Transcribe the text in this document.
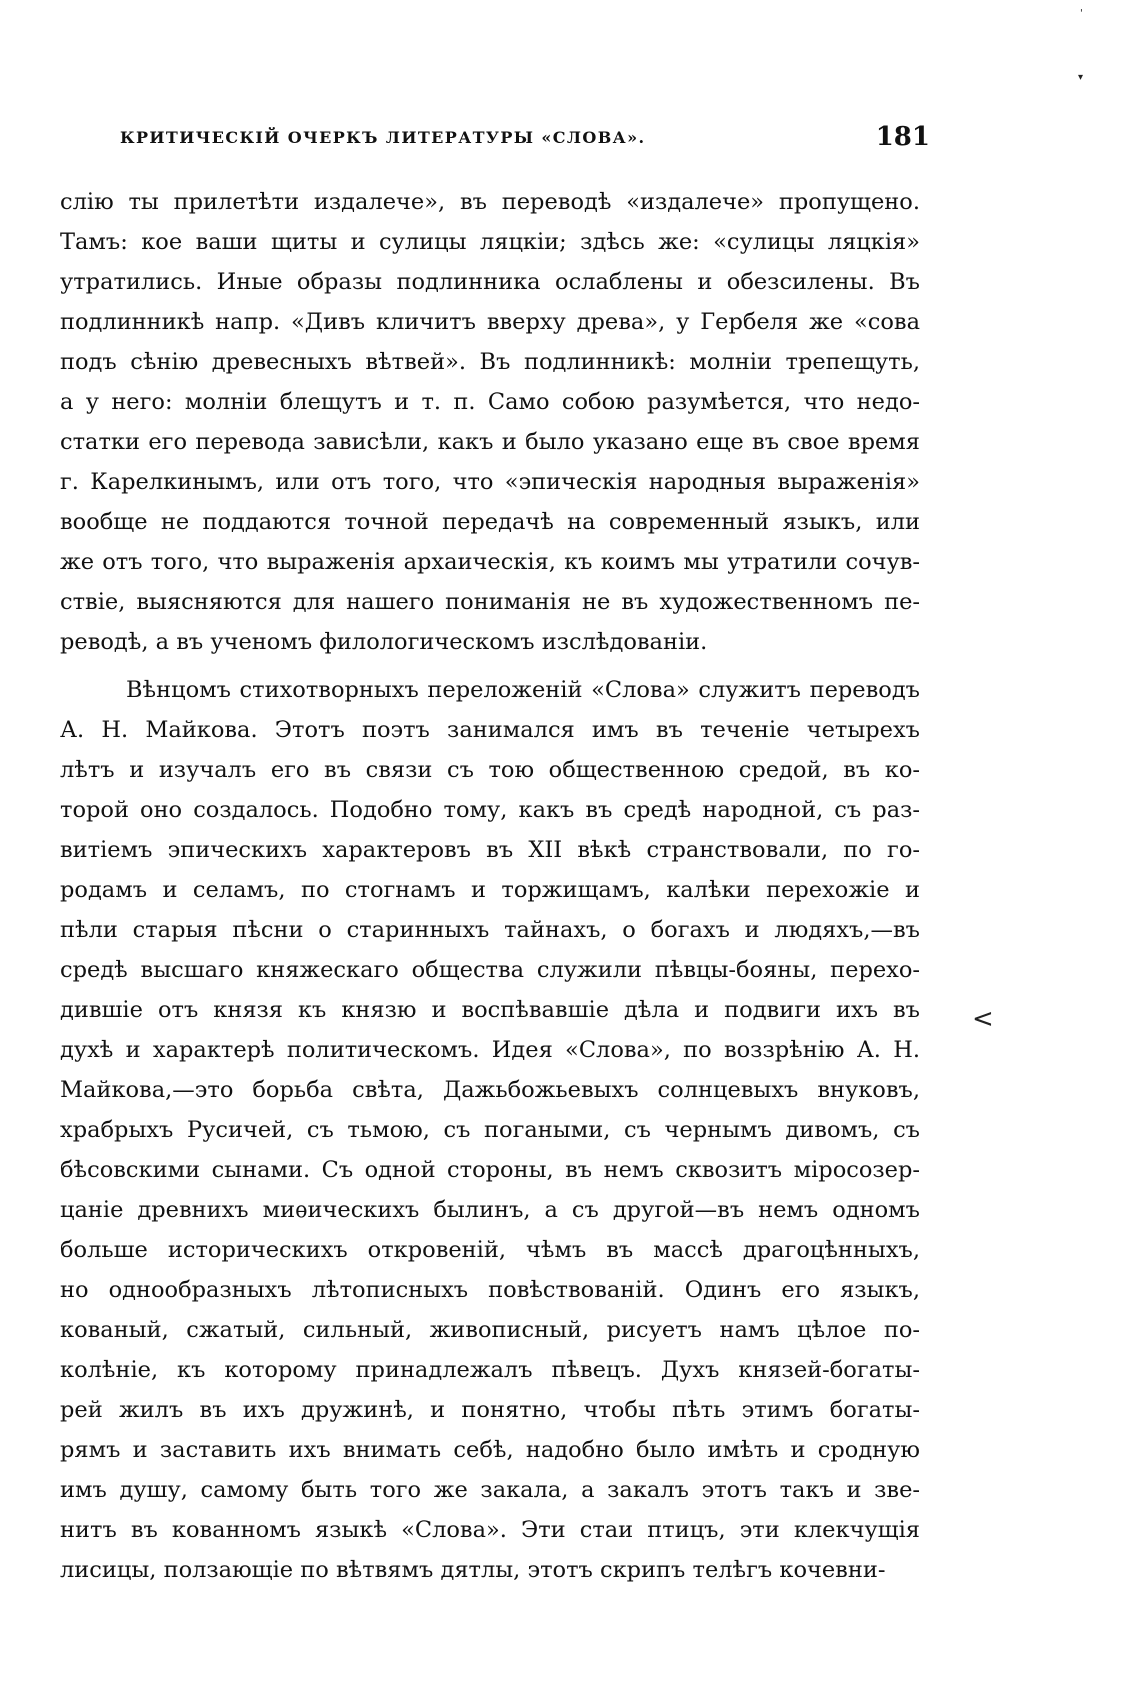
КРИТИЧЕСКІЙ ОЧЕРКЪ ЛИТЕРАТУРЫ «СЛОВА».	181
слію ты прилетѣти издалече», въ переводѣ «издалече» пропущено.
Тамъ: кое ваши щиты и сулицы ляцкіи; здѣсь же: «сулицы ляцкія»
утратились. Иные образы подлинника ослаблены и обезсилены. Въ
подлинникѣ напр. «Дивъ кличитъ вверху древа», у Гербеля же «сова
подъ сѣнію древесныхъ вѣтвей». Въ подлинникѣ: молніи трепещуть,
а у него: молніи блещутъ и т. п. Само собою разумѣется, что недо-
статки его перевода зависѣли, какъ и было указано еще въ свое время
г. Карелкинымъ, или отъ того, что «эпическія народныя выраженія»
вообще не поддаются точной передачѣ на современный языкъ, или
же отъ того, что выраженія архаическія, къ коимъ мы утратили сочув-
ствіе, выясняются для нашего пониманія не въ художественномъ пе-
реводѣ, а въ ученомъ филологическомъ изслѣдованіи.
Вѣнцомъ стихотворныхъ переложеній «Слова» служитъ переводъ
А. Н. Майкова. Этотъ поэтъ занимался имъ въ теченіе четырехъ
лѣтъ и изучалъ его въ связи съ тою общественною средой, въ ко-
торой оно создалось. Подобно тому, какъ въ средѣ народной, съ раз-
витіемъ эпическихъ характеровъ въ XII вѣкѣ странствовали, по го-
родамъ и селамъ, по стогнамъ и торжищамъ, калѣки перехожіе и
пѣли старыя пѣсни о старинныхъ тайнахъ, о богахъ и людяхъ,—въ
средѣ высшаго княжескаго общества служили пѣвцы-бояны, перехо-
дившіе отъ князя къ князю и воспѣвавшіе дѣла и подвиги ихъ въ
духѣ и характерѣ политическомъ. Идея «Слова», по воззрѣнію А. Н.
Майкова,—это борьба свѣта, Дажьбожьевыхъ солнцевыхъ внуковъ,
храбрыхъ Русичей, съ тьмою, съ погаными, съ чернымъ дивомъ, съ
бѣсовскими сынами. Съ одной стороны, въ немъ сквозитъ міросозер-
цаніе древнихъ миѳическихъ былинъ, а съ другой—въ немъ одномъ
больше историческихъ откровеній, чѣмъ въ массѣ драгоцѣнныхъ,
но однообразныхъ лѣтописныхъ повѣствованій. Одинъ его языкъ,
кованый, сжатый, сильный, живописный, рисуетъ намъ цѣлое по-
колѣніе, къ которому принадлежалъ пѣвецъ. Духъ князей-богаты-
рей жилъ въ ихъ дружинѣ, и понятно, чтобы пѣть этимъ богаты-
рямъ и заставить ихъ внимать себѣ, надобно было имѣть и сродную
имъ душу, самому быть того же закала, а закалъ этотъ такъ и зве-
нитъ въ кованномъ языкѣ «Слова». Эти стаи птицъ, эти клекчущія
лисицы, ползающіе по вѣтвямъ дятлы, этотъ скрипъ телѣгъ кочевни-
'
▾
<
